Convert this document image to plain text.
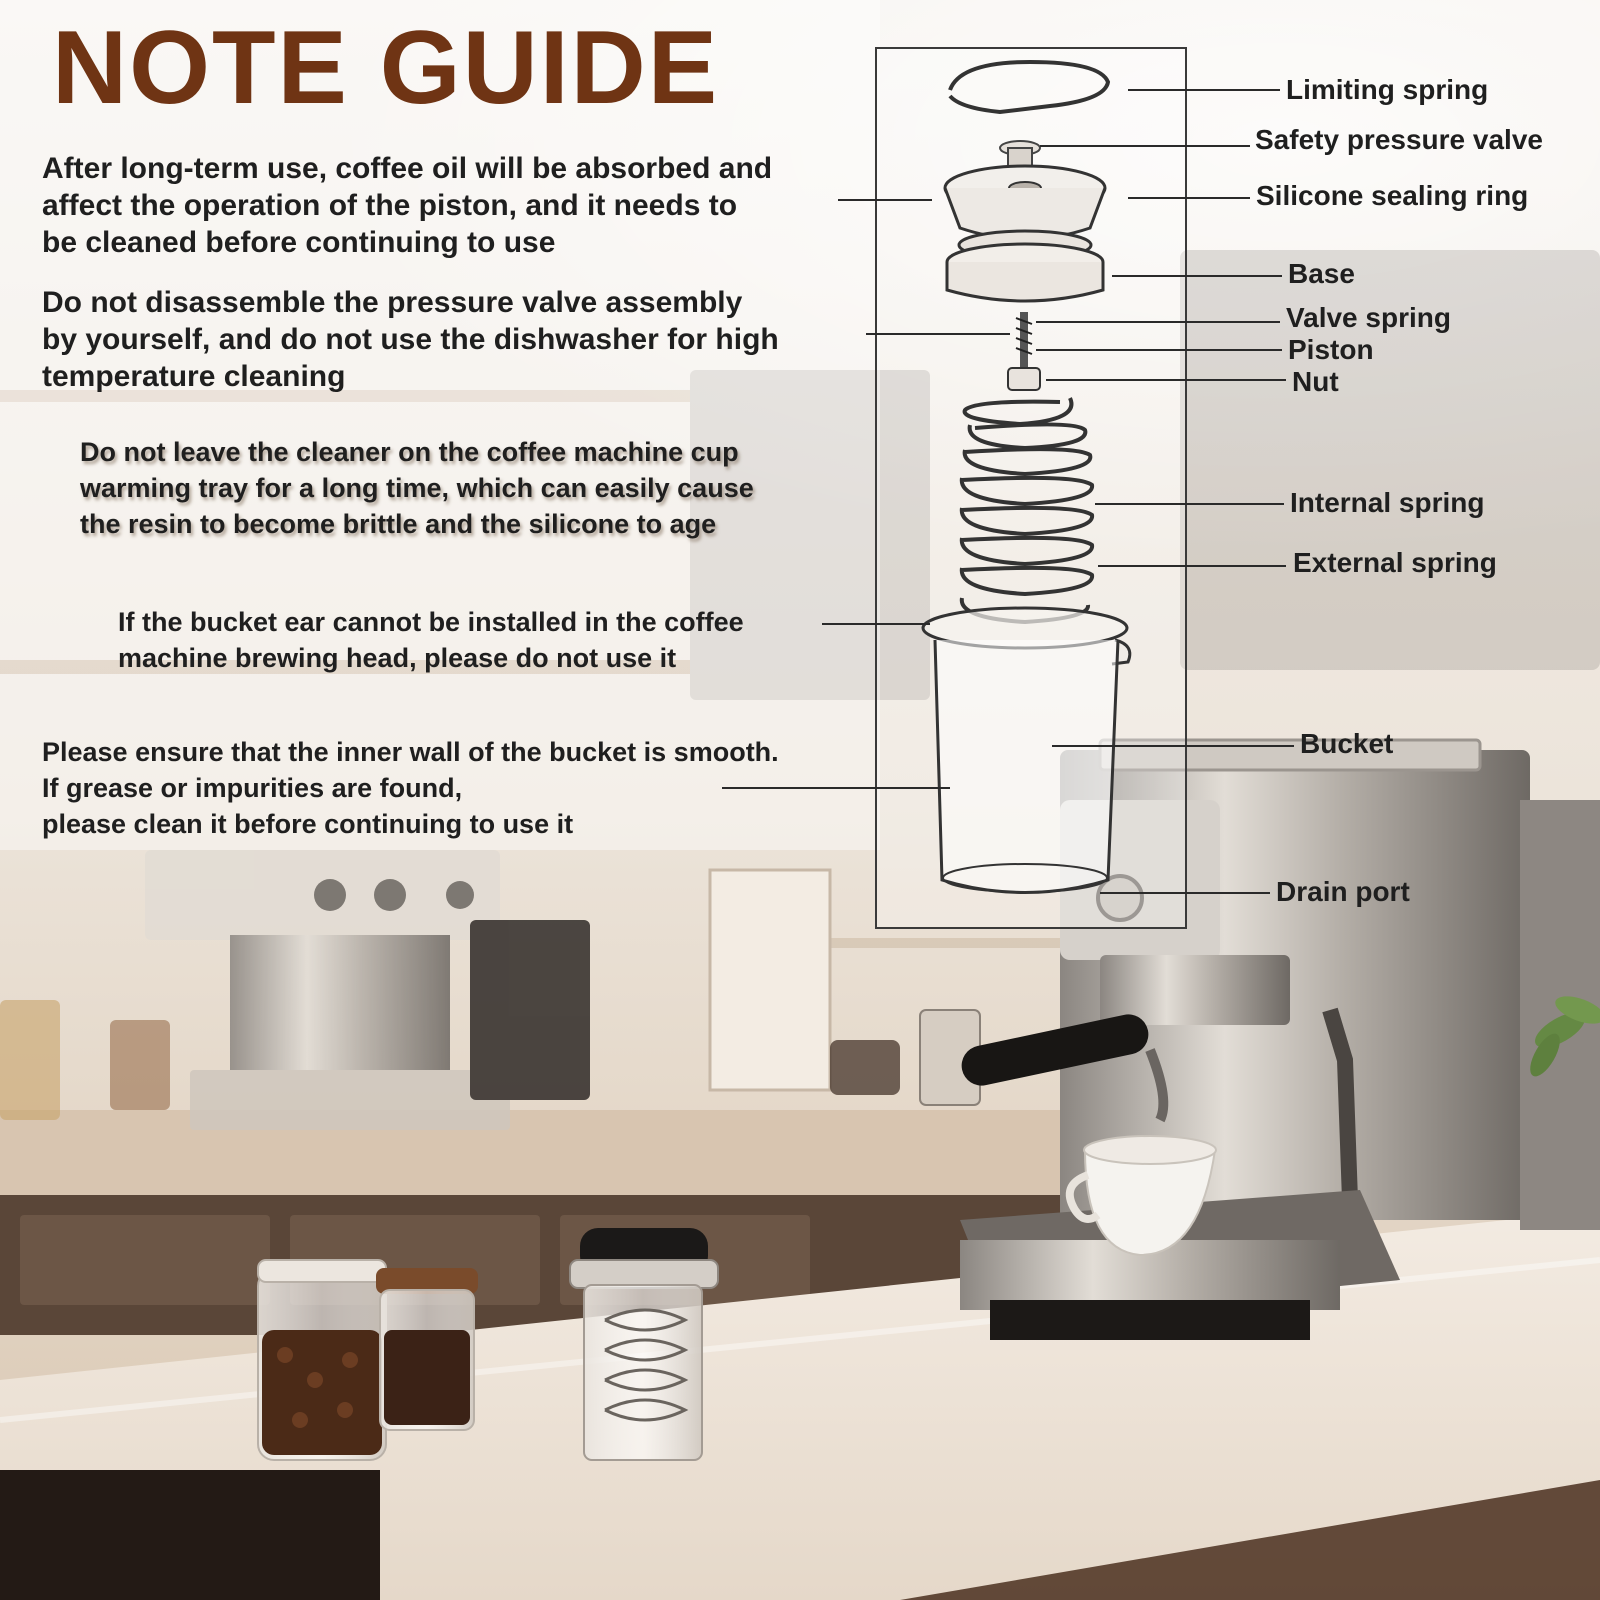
NOTE GUIDE

After long-term use, coffee oil will be absorbed and
affect the operation of the piston, and it needs to
be cleaned before continuing to use

Do not disassemble the pressure valve assembly
by yourself, and do not use the dishwasher for high
temperature cleaning

Do not leave the cleaner on the coffee machine cup
warming tray for a long time, which can easily cause
the resin to become brittle and the silicone to age

If the bucket ear cannot be installed in the coffee
machine brewing head, please do not use it

Please ensure that the inner wall of the bucket is smooth.
If grease or impurities are found,
please clean it before continuing to use it

Limiting spring

Safety pressure valve

Silicone sealing ring

Base

Valve spring

Piston

Nut

Internal spring

External spring

Bucket

Drain port
